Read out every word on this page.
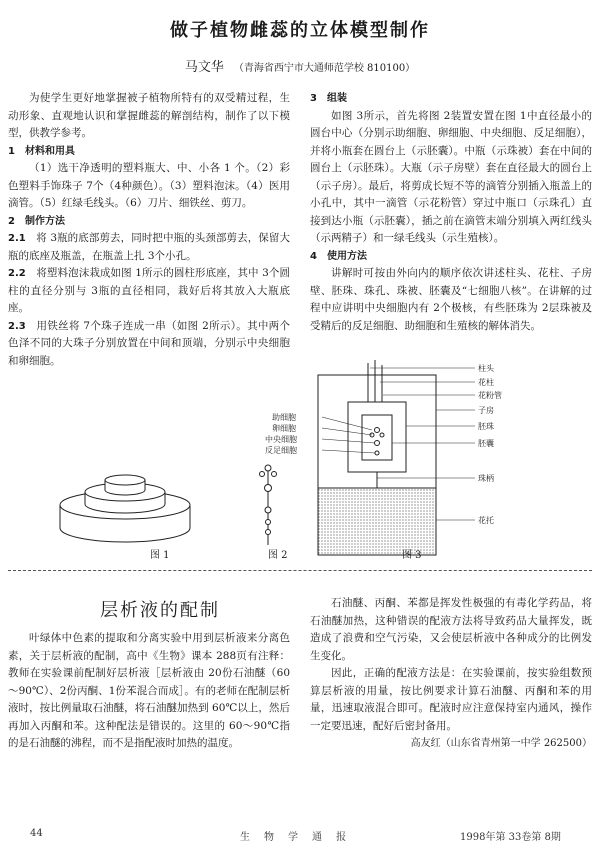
做子植物雌蕊的立体模型制作
马文华 （青海省西宁市大通师范学校 810100）

为使学生更好地掌握被子植物所特有的双受精过程，生动形象、直观地认识和掌握雌蕊的解剖结构，制作了以下模型，供教学参考。

1　材料和用具

（1）选干净透明的塑料瓶大、中、小各 1 个。（2）彩色塑料手饰珠子 7个（4种颜色）。（3）塑料泡沫。（4）医用滴管。（5）红绿毛线头。（6）刀片、细铁丝、剪刀。

2　制作方法

2.1  将 3瓶的底部剪去，同时把中瓶的头颈部剪去，保留大瓶的底座及瓶盖，在瓶盖上扎 3个小孔。

2.2  将塑料泡沫栽成如图 1所示的圆柱形底座，其中 3个圆柱的直径分别与 3瓶的直径相同，栽好后将其放入大瓶底座。

2.3  用铁丝将 7个珠子连成一串（如图 2所示）。其中两个色泽不同的大珠子分别放置在中间和顶端，分别示中央细胞和卵细胞。

3　组装

如图 3所示，首先将图 2装置安置在图 1中直径最小的圆台中心（分别示助细胞、卵细胞、中央细胞、反足细胞），并将小瓶套在圆台上（示胚囊）。中瓶（示珠被）套在中间的圆台上（示胚珠）。大瓶（示子房壁）套在直径最大的圆台上（示子房）。最后，将剪成长短不等的滴管分别插入瓶盖上的小孔中，其中一滴管（示花粉管）穿过中瓶口（示珠孔）直接到达小瓶（示胚囊），插之前在滴管末端分别填入两红线头（示两精子）和一绿毛线头（示生殖核）。

4　使用方法

讲解时可按由外向内的顺序依次讲述柱头、花柱、子房壁、胚珠、珠孔、珠被、胚囊及“七细胞八核”。在讲解的过程中应讲明中央细胞内有 2个极核，有些胚珠为 2层珠被及受精后的反足细胞、助细胞和生殖核的解体消失。

助细胞
卵细胞
中央细胞
反足细胞
柱头
花柱
花粉管
子房
胚珠
胚囊
珠柄
花托
图 1	图 2	图 3
层析液的配制

叶绿体中色素的提取和分离实验中用到层析液来分离色素，关于层析液的配制，高中《生物》课本 288页有注释：教师在实验课前配制好层析液［层析液由 20份石油醚（60～90℃）、2份丙酮、1份苯混合而成］。有的老师在配制层析液时，按比例量取石油醚，将石油醚加热到 60℃以上，然后再加入丙酮和苯。这种配法是错误的。这里的 60～90℃指的是石油醚的沸程，而不是指配液时加热的温度。

石油醚、丙酮、苯都是挥发性极强的有毒化学药品，将石油醚加热，这种错误的配液方法将导致药品大量挥发，既造成了浪费和空气污染，又会使层析液中各种成分的比例发生变化。

因此，正确的配液方法是：在实验课前，按实验组数预算层析液的用量，按比例要求计算石油醚、丙酮和苯的用量，迅速取液混合即可。配液时应注意保持室内通风，操作一定要迅速，配好后密封备用。

高友红（山东省青州第一中学 262500）

44	生　物　学　通　报	1998年第 33卷第 8期
